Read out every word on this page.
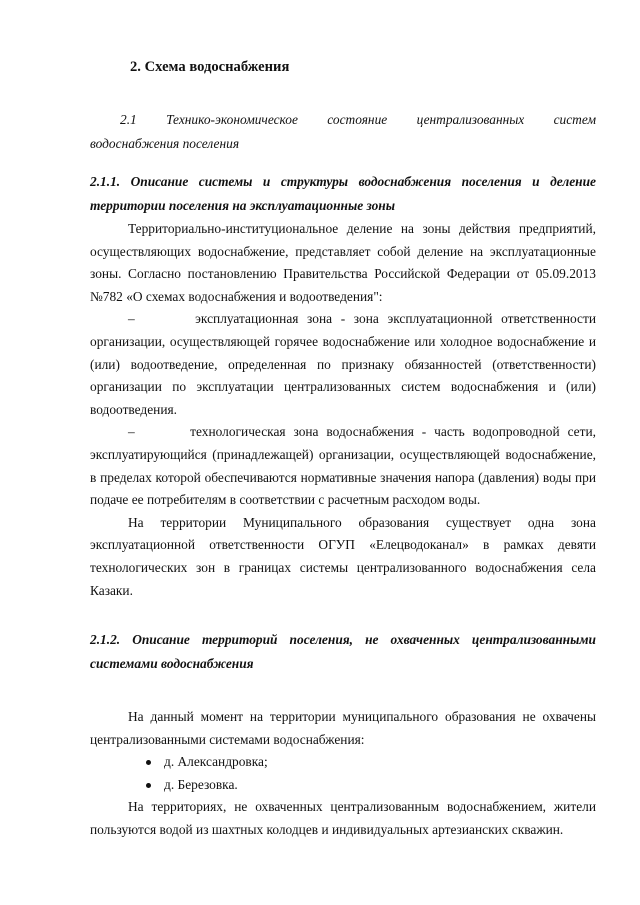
2. Схема водоснабжения
2.1 Технико-экономическое состояние централизованных систем
водоснабжения поселения
2.1.1. Описание системы и структуры водоснабжения поселения и деление территории поселения на эксплуатационные зоны

Территориально-институциональное деление на зоны действия предприятий, осуществляющих водоснабжение, представляет собой деление на эксплуатационные зоны. Согласно постановлению Правительства Российской Федерации от 05.09.2013 №782 «О схемах водоснабжения и водоотведения":

–       эксплуатационная зона - зона эксплуатационной ответственности организации, осуществляющей горячее водоснабжение или холодное водоснабжение и (или) водоотведение, определенная по признаку обязанностей (ответственности) организации по эксплуатации централизованных систем водоснабжения и (или) водоотведения.

–       технологическая зона водоснабжения - часть водопроводной сети, эксплуатирующийся (принадлежащей) организации, осуществляющей водоснабжение, в пределах которой обеспечиваются нормативные значения напора (давления) воды при подаче ее потребителям в соответствии с расчетным расходом воды.

На территории Муниципального образования существует одна зона эксплуатационной ответственности ОГУП «Елецводоканал» в рамках девяти технологических зон в границах системы централизованного водоснабжения села Казаки.

2.1.2. Описание территорий поселения, не охваченных централизованными системами водоснабжения

На данный момент на территории муниципального образования не охвачены централизованными системами водоснабжения:

д. Александровка;
д. Березовка.

На территориях, не охваченных централизованным водоснабжением, жители пользуются водой из шахтных колодцев и индивидуальных артезианских скважин.
